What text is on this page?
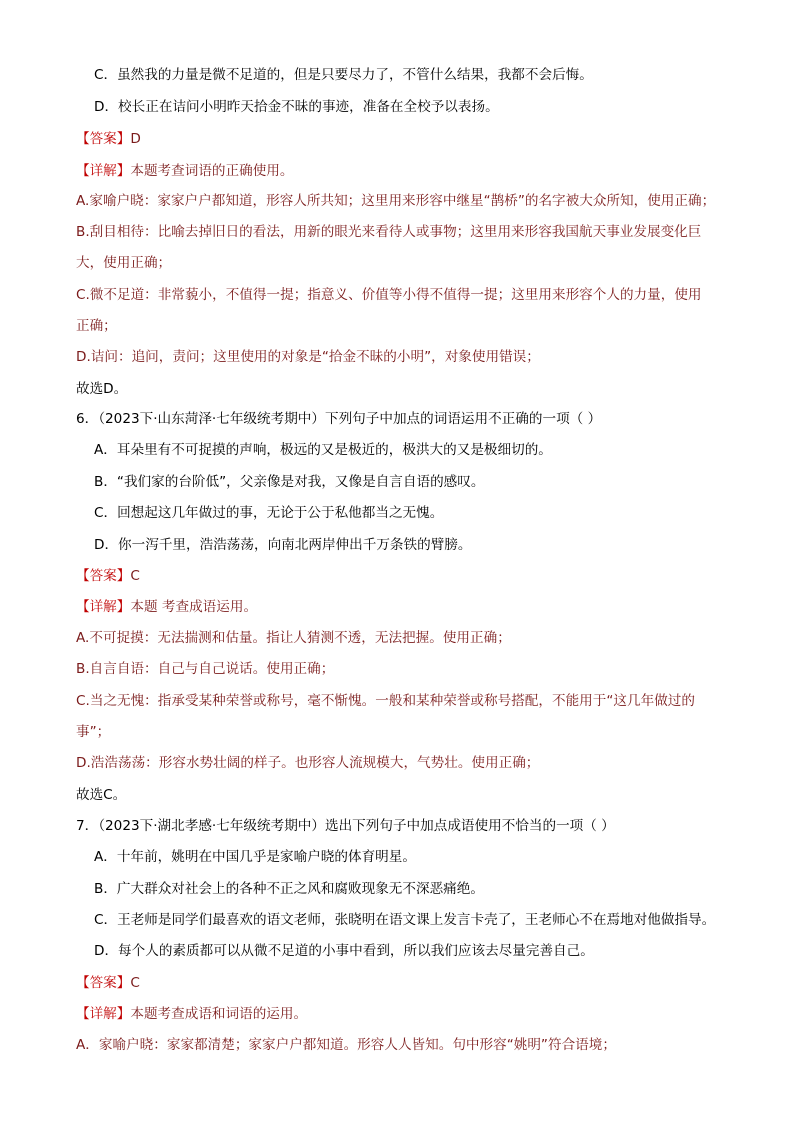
C．虽然我的力量是微不足道的，但是只要尽力了，不管什么结果，我都不会后悔。
D．校长正在诘问小明昨天拾金不昧的事迹，准备在全校予以表扬。
【答案】D
【详解】本题考查词语的正确使用。
A.家喻户晓：家家户户都知道，形容人所共知；这里用来形容中继星“鹊桥”的名字被大众所知，使用正确；
B.刮目相待：比喻去掉旧日的看法，用新的眼光来看待人或事物；这里用来形容我国航天事业发展变化巨
大，使用正确；
C.微不足道：非常藐小，不值得一提；指意义、价值等小得不值得一提；这里用来形容个人的力量，使用
正确；
D.诘问：追问，责问；这里使用的对象是“拾金不昧的小明”，对象使用错误；
故选D。
6．（2023下·山东菏泽·七年级统考期中）下列句子中加点的词语运用不正确的一项（ ）
A．耳朵里有不可捉摸的声响，极远的又是极近的，极洪大的又是极细切的。
B．“我们家的台阶低”，父亲像是对我，又像是自言自语的感叹。
C．回想起这几年做过的事，无论于公于私他都当之无愧。
D．你一泻千里，浩浩荡荡，向南北两岸伸出千万条铁的臂膀。
【答案】C
【详解】本题 考查成语运用。
A.不可捉摸：无法揣测和估量。指让人猜测不透，无法把握。使用正确；
B.自言自语：自己与自己说话。使用正确；
C.当之无愧：指承受某种荣誉或称号，毫不惭愧。一般和某种荣誉或称号搭配，不能用于“这几年做过的
事”；
D.浩浩荡荡：形容水势壮阔的样子。也形容人流规模大，气势壮。使用正确；
故选C。
7．（2023下·湖北孝感·七年级统考期中）选出下列句子中加点成语使用不恰当的一项（ ）
A．十年前，姚明在中国几乎是家喻户晓的体育明星。
B．广大群众对社会上的各种不正之风和腐败现象无不深恶痛绝。
C．王老师是同学们最喜欢的语文老师，张晓明在语文课上发言卡壳了，王老师心不在焉地对他做指导。
D．每个人的素质都可以从微不足道的小事中看到，所以我们应该去尽量完善自己。
【答案】C
【详解】本题考查成语和词语的运用。
A．家喻户晓：家家都清楚；家家户户都知道。形容人人皆知。句中形容“姚明”符合语境；
